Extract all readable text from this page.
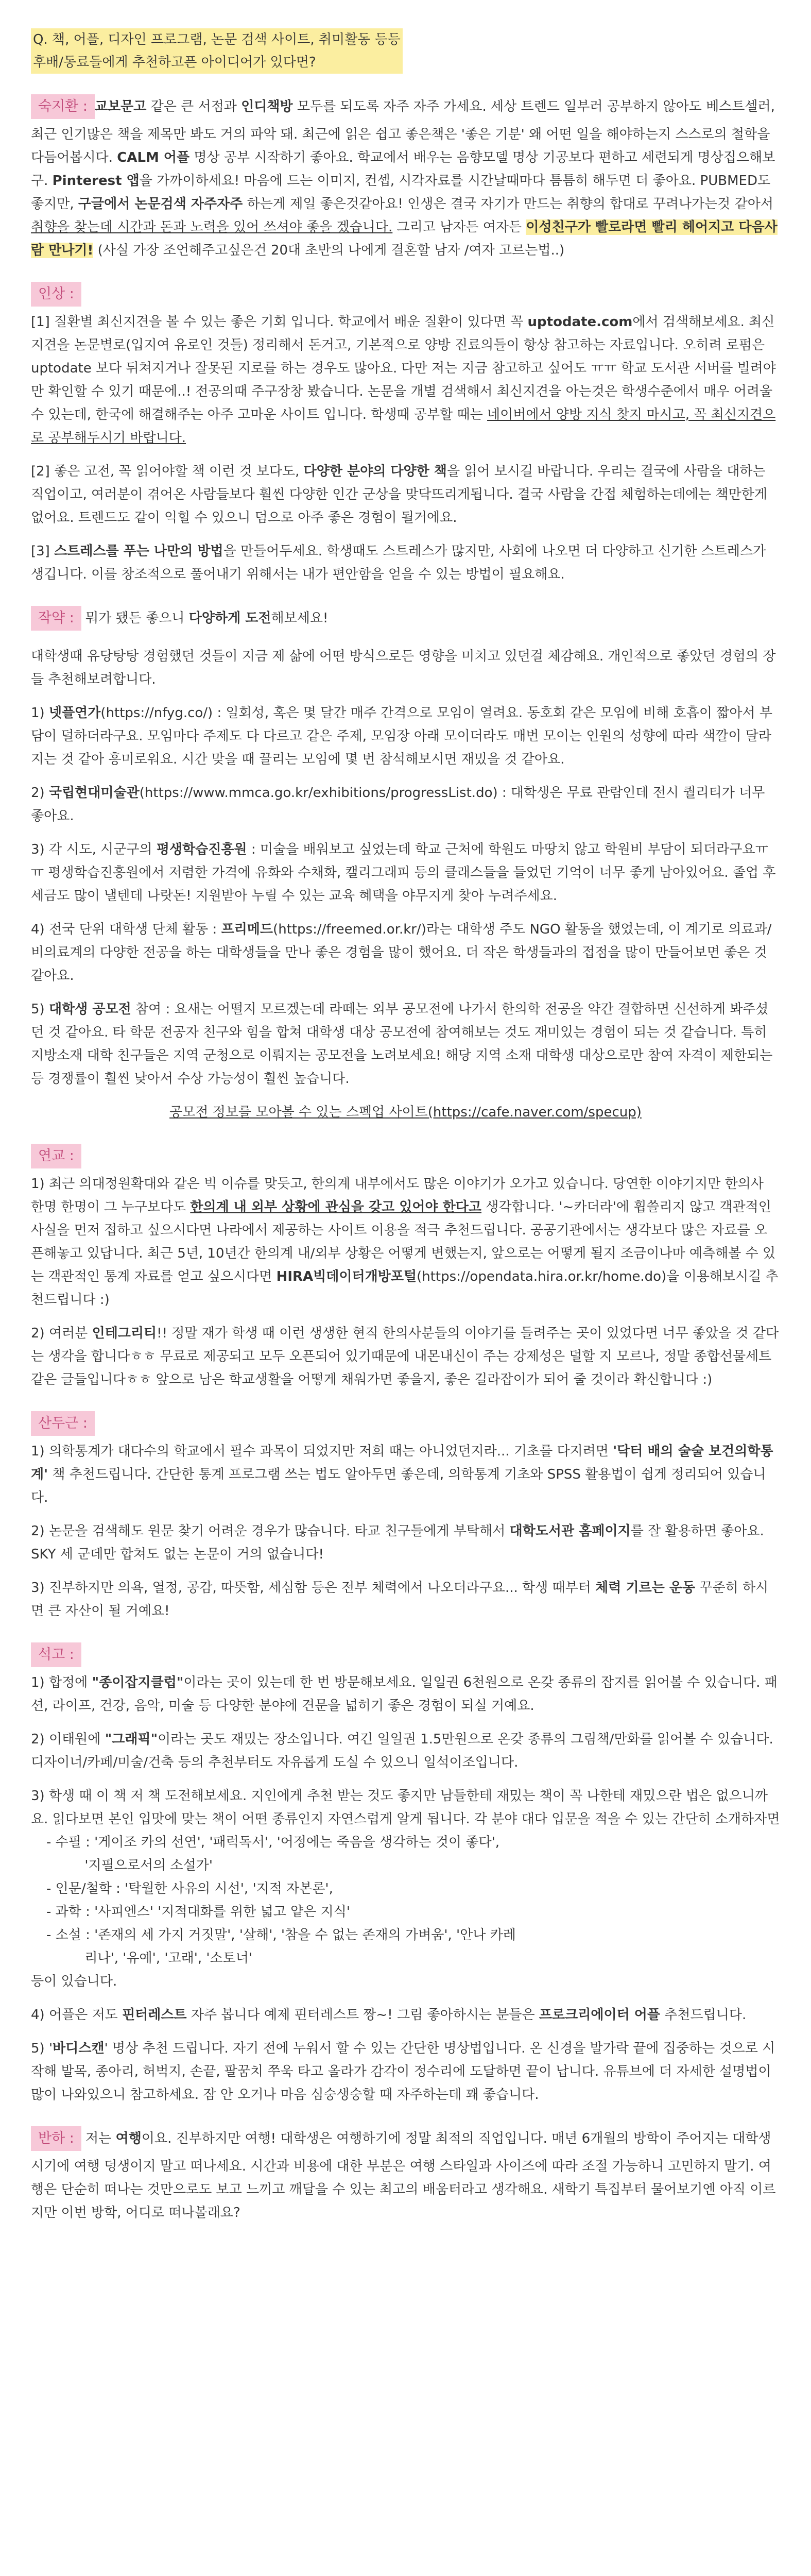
Q. 책, 어플, 디자인 프로그램, 논문 검색 사이트, 취미활동 등등
후배/동료들에게 추천하고픈 아이디어가 있다면?
숙지환 : 교보문고 같은 큰 서점과 인디책방 모두를 되도록 자주 자주 가세요. 세상 트렌드 일부러 공부하지 않아도 베스트셀러, 최근 인기많은 책을 제목만 봐도 거의 파악 돼. 최근에 읽은 쉽고 좋은책은 '좋은 기분' 왜 어떤 일을 해야하는지 스스로의 철학을 다듬어봅시다. CALM 어플 명상 공부 시작하기 좋아요. 학교에서 배우는 음향모델 명상 기공보다 편하고 세련되게 명상집으해보구. Pinterest 앱을 가까이하세요! 마음에 드는 이미지, 컨셉, 시각자료를 시간날때마다 틈틈히 해두면 더 좋아요. PUBMED도 좋지만, 구글에서 논문검색 자주자주 하는게 제일 좋은것같아요! 인생은 결국 자기가 만드는 취향의 합대로 꾸려나가는것 같아서 취향을 찾는데 시간과 돈과 노력을 있어 쓰셔야 좋을 겠습니다. 그리고 남자든 여자든 이성친구가 빨로라면 빨리 헤어지고 다음사람 만나기! (사실 가장 조언해주고싶은건 20대 초반의 나에게 결혼할 남자 /여자 고르는법..)

인상 :

[1] 질환별 최신지견을 볼 수 있는 좋은 기회 입니다. 학교에서 배운 질환이 있다면 꼭 uptodate.com에서 검색해보세요. 최신지견을 논문별로(입지여 유로인 것들) 정리해서 돈거고, 기본적으로 양방 진료의들이 항상 참고하는 자료입니다. 오히려 로펌은 uptodate 보다 뒤쳐지거나 잘못된 지로를 하는 경우도 많아요. 다만 저는 지금 참고하고 싶어도 ㅠㅠ 학교 도서관 서버를 빌려야만 확인할 수 있기 때문에..! 전공의때 주구장창 봤습니다. 논문을 개별 검색해서 최신지견을 아는것은 학생수준에서 매우 어려울 수 있는데, 한국에 해결해주는 아주 고마운 사이트 입니다. 학생때 공부할 때는 네이버에서 양방 지식 찾지 마시고, 꼭 최신지견으로 공부해두시기 바랍니다.

[2] 좋은 고전, 꼭 읽어야할 책 이런 것 보다도, 다양한 분야의 다양한 책을 읽어 보시길 바랍니다. 우리는 결국에 사람을 대하는 직업이고, 여러분이 겪어온 사람들보다 훨씬 다양한 인간 군상을 맞닥뜨리게됩니다. 결국 사람을 간접 체험하는데에는 책만한게 없어요. 트렌드도 같이 익힐 수 있으니 덤으로 아주 좋은 경험이 될거에요.

[3] 스트레스를 푸는 나만의 방법을 만들어두세요. 학생때도 스트레스가 많지만, 사회에 나오면 더 다양하고 신기한 스트레스가 생깁니다. 이를 창조적으로 풀어내기 위해서는 내가 편안함을 얻을 수 있는 방법이 필요해요.

작약 : 뭐가 됐든 좋으니 다양하게 도전해보세요!

대학생때 유당탕탕 경험했던 것들이 지금 제 삶에 어떤 방식으로든 영향을 미치고 있던걸 체감해요. 개인적으로 좋았던 경험의 장들 추천해보려합니다.

1) 넷플연가(https://nfyg.co/) : 일회성, 혹은 몇 달간 매주 간격으로 모임이 열려요. 동호회 같은 모임에 비해 호흡이 짧아서 부담이 덜하더라구요. 모임마다 주제도 다 다르고 같은 주제, 모임장 아래 모이더라도 매번 모이는 인원의 성향에 따라 색깔이 달라지는 것 같아 흥미로워요. 시간 맞을 때 끌리는 모임에 몇 번 참석해보시면 재밌을 것 같아요.

2) 국립현대미술관(https://www.mmca.go.kr/exhibitions/progressList.do) : 대학생은 무료 관람인데 전시 퀄리티가 너무 좋아요.

3) 각 시도, 시군구의 평생학습진흥원 : 미술을 배워보고 싶었는데 학교 근처에 학원도 마땅치 않고 학원비 부담이 되더라구요ㅠㅠ 평생학습진흥원에서 저렴한 가격에 유화와 수채화, 캘리그래피 등의 클래스들을 들었던 기억이 너무 좋게 남아있어요. 졸업 후 세금도 많이 낼텐데 나랏돈! 지원받아 누릴 수 있는 교육 혜택을 야무지게 찾아 누려주세요.

4) 전국 단위 대학생 단체 활동 : 프리메드(https://freemed.or.kr/)라는 대학생 주도 NGO 활동을 했었는데, 이 계기로 의료과/비의료계의 다양한 전공을 하는 대학생들을 만나 좋은 경험을 많이 했어요. 더 작은 학생들과의 접점을 많이 만들어보면 좋은 것 같아요.

5) 대학생 공모전 참여 : 요새는 어떨지 모르겠는데 라떼는 외부 공모전에 나가서 한의학 전공을 약간 결합하면 신선하게 봐주셨던 것 같아요. 타 학문 전공자 친구와 힘을 합쳐 대학생 대상 공모전에 참여해보는 것도 재미있는 경험이 되는 것 같습니다. 특히 지방소재 대학 친구들은 지역 군청으로 이뤄지는 공모전을 노려보세요! 해당 지역 소재 대학생 대상으로만 참여 자격이 제한되는 등 경쟁률이 훨씬 낮아서 수상 가능성이 훨씬 높습니다.

공모전 정보를 모아볼 수 있는 스펙업 사이트(https://cafe.naver.com/specup)

연교 :

1) 최근 의대정원확대와 같은 빅 이슈를 맞듯고, 한의계 내부에서도 많은 이야기가 오가고 있습니다. 당연한 이야기지만 한의사 한명 한명이 그 누구보다도 한의계 내 외부 상황에 관심을 갖고 있어야 한다고 생각합니다. '~카더라'에 휩쓸리지 않고 객관적인 사실을 먼저 접하고 싶으시다면 나라에서 제공하는 사이트 이용을 적극 추천드립니다. 공공기관에서는 생각보다 많은 자료를 오픈해놓고 있답니다. 최근 5년, 10년간 한의계 내/외부 상황은 어떻게 변했는지, 앞으로는 어떻게 될지 조금이나마 예측해볼 수 있는 객관적인 통계 자료를 얻고 싶으시다면 HIRA빅데이터개방포털(https://opendata.hira.or.kr/home.do)을 이용해보시길 추천드립니다 :)

2) 여러분 인테그리티!! 정말 재가 학생 때 이런 생생한 현직 한의사분들의 이야기를 들려주는 곳이 있었다면 너무 좋았을 것 같다는 생각을 합니다ㅎㅎ 무료로 제공되고 모두 오픈되어 있기때문에 내몬내신이 주는 강제성은 덜할 지 모르나, 정말 종합선물세트 같은 글들입니다ㅎㅎ 앞으로 남은 학교생활을 어떻게 채워가면 좋을지, 좋은 길라잡이가 되어 줄 것이라 확신합니다 :)

산두근 :

1) 의학통계가 대다수의 학교에서 필수 과목이 되었지만 저희 때는 아니었던지라... 기초를 다지려면 '닥터 배의 술술 보건의학통계' 책 추천드립니다. 간단한 통계 프로그램 쓰는 법도 알아두면 좋은데, 의학통계 기초와 SPSS 활용법이 쉽게 정리되어 있습니다.

2) 논문을 검색해도 원문 찾기 어려운 경우가 많습니다. 타교 친구들에게 부탁해서 대학도서관 홈페이지를 잘 활용하면 좋아요. SKY 세 군데만 합쳐도 없는 논문이 거의 없습니다!

3) 진부하지만 의욕, 열정, 공감, 따뜻함, 세심함 등은 전부 체력에서 나오더라구요... 학생 때부터 체력 기르는 운동 꾸준히 하시면 큰 자산이 될 거예요!

석고 :

1) 합정에 "종이잡지클럽"이라는 곳이 있는데 한 번 방문해보세요. 일일권 6천원으로 온갖 종류의 잡지를 읽어볼 수 있습니다. 패션, 라이프, 건강, 음악, 미술 등 다양한 분야에 견문을 넓히기 좋은 경험이 되실 거예요.

2) 이태원에 "그래픽"이라는 곳도 재밌는 장소입니다. 여긴 일일권 1.5만원으로 온갖 종류의 그림책/만화를 읽어볼 수 있습니다. 디자이너/카페/미술/건축 등의 추천부터도 자유롭게 도실 수 있으니 일석이조입니다.

3) 학생 때 이 책 저 책 도전해보세요. 지인에게 추천 받는 것도 좋지만 남들한테 재밌는 책이 꼭 나한테 재밌으란 법은 없으니까요. 읽다보면 본인 입맛에 맞는 책이 어떤 종류인지 자연스럽게 알게 됩니다. 각 분야 대다 입문을 적을 수 있는 간단히 소개하자면

- 수필 : '게이조 카의 선연', '패럭독서', '어정에는 죽음을 생각하는 것이 좋다',

'지필으로서의 소설가'

- 인문/철학 : '탁월한 사유의 시선', '지적 자본론',

- 과학 : '사피엔스' '지적대화를 위한 넓고 얕은 지식'

- 소설 : '존재의 세 가지 거짓말', '살해', '참을 수 없는 존재의 가벼움', '안나 카레

리나', '유예', '고래', '소토너'

등이 있습니다.

4) 어플은 저도 핀터레스트 자주 봅니다 예제 핀터레스트 짱~! 그림 좋아하시는 분들은 프로크리에이터 어플 추천드립니다.

5) '바디스캔' 명상 추천 드립니다. 자기 전에 누워서 할 수 있는 간단한 명상법입니다. 온 신경을 발가락 끝에 집중하는 것으로 시작해 발목, 종아리, 허벅지, 손끝, 팔꿈치 쭈욱 타고 올라가 감각이 정수리에 도달하면 끝이 납니다. 유튜브에 더 자세한 설명법이 많이 나와있으니 참고하세요. 잠 안 오거나 마음 심숭생숭할 때 자주하는데 꽤 좋습니다.

반하 :

저는 여행이요. 진부하지만 여행! 대학생은 여행하기에 정말 최적의 직업입니다. 매년 6개월의 방학이 주어지는 대학생 시기에 여행 덩생이지 말고 떠나세요. 시간과 비용에 대한 부분은 여행 스타일과 사이즈에 따라 조절 가능하니 고민하지 말기. 여행은 단순히 떠나는 것만으로도 보고 느끼고 깨달을 수 있는 최고의 배움터라고 생각해요. 새학기 특집부터 물어보기엔 아직 이르지만 이번 방학, 어디로 떠나볼래요?
